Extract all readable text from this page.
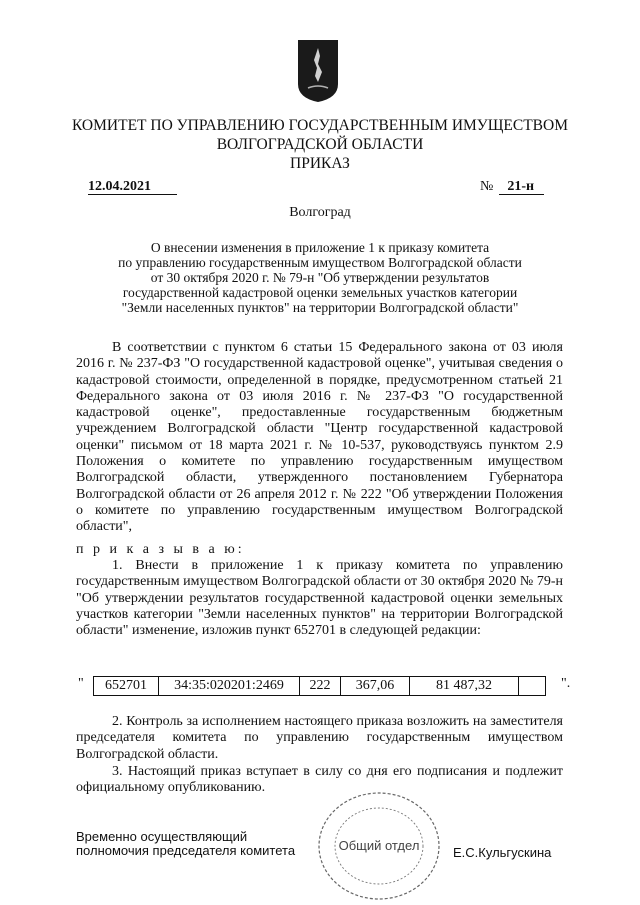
КОМИТЕТ ПО УПРАВЛЕНИЮ ГОСУДАРСТВЕННЫМ ИМУЩЕСТВОМ
ВОЛГОГРАДСКОЙ ОБЛАСТИ
ПРИКАЗ
12.04.2021	№ 21-н
Волгоград
О внесении изменения в приложение 1 к приказу комитета
по управлению государственным имуществом Волгоградской области
от 30 октября 2020 г. № 79-н "Об утверждении результатов
государственной кадастровой оценки земельных участков категории
"Земли населенных пунктов" на территории Волгоградской области"
В соответствии с пунктом 6 статьи 15 Федерального закона от 03 июля 2016 г. № 237-ФЗ "О государственной кадастровой оценке", учитывая сведения о кадастровой стоимости, определенной в порядке, предусмотренном статьей 21 Федерального закона от 03 июля 2016 г. № 237-ФЗ "О государственной кадастровой оценке", предоставленные государственным бюджетным учреждением Волгоградской области "Центр государственной кадастровой оценки" письмом от 18 марта 2021 г. № 10-537, руководствуясь пунктом 2.9 Положения о комитете по управлению государственным имуществом Волгоградской области, утвержденного постановлением Губернатора Волгоградской области от 26 апреля 2012 г. № 222 "Об утверждении Положения о комитете по управлению государственным имуществом Волгоградской области",
п р и к а з ы в а ю:
1. Внести в приложение 1 к приказу комитета по управлению государственным имуществом Волгоградской области от 30 октября 2020 № 79-н "Об утверждении результатов государственной кадастровой оценки земельных участков категории "Земли населенных пунктов" на территории Волгоградской области" изменение, изложив пункт 652701 в следующей редакции:
" 652701	34:35:020201:2469	222	367,06	81 487,32		".
2. Контроль за исполнением настоящего приказа возложить на заместителя председателя комитета по управлению государственным имуществом Волгоградской области.
3. Настоящий приказ вступает в силу со дня его подписания и подлежит официальному опубликованию.
Общий отдел
Временно осуществляющий
полномочия председателя комитета	Е.С.Кульгускина
